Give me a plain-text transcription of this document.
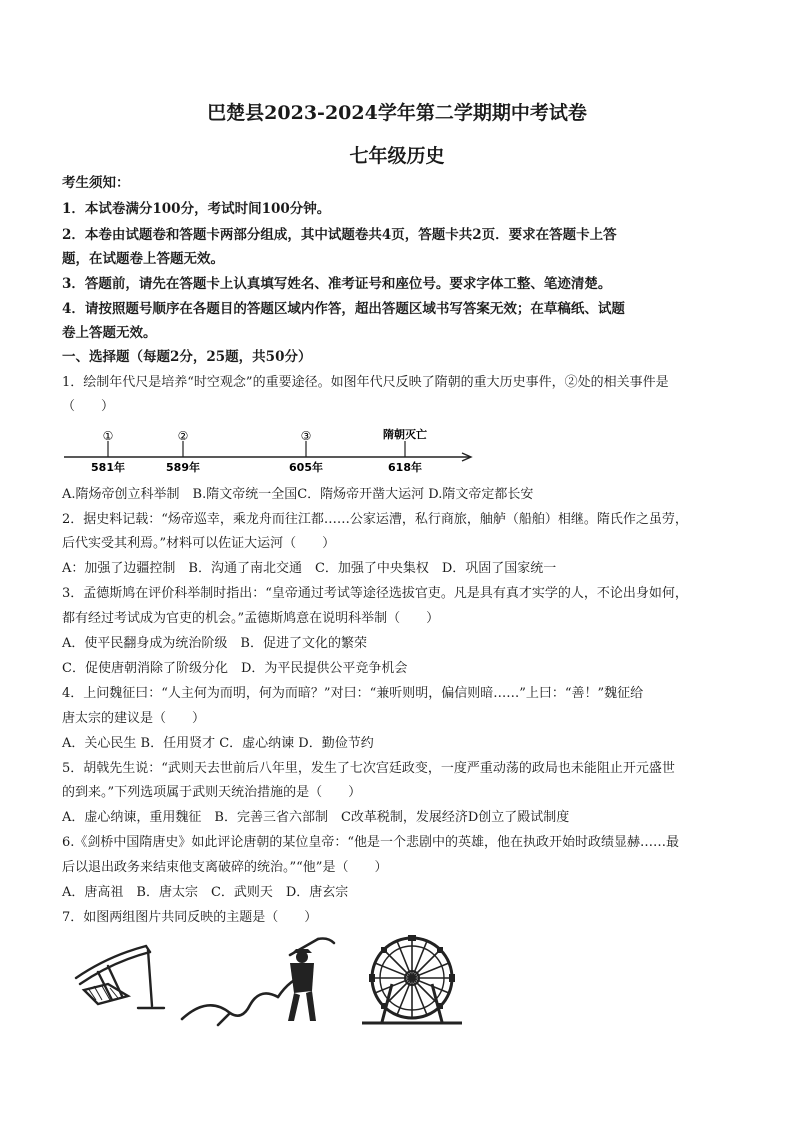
巴楚县2023-2024学年第二学期期中考试卷
七年级历史
考生须知：
1．本试卷满分100分，考试时间100分钟。
2．本卷由试题卷和答题卡两部分组成，其中试题卷共4页，答题卡共2页．要求在答题卡上答
题，在试题卷上答题无效。
3．答题前，请先在答题卡上认真填写姓名、准考证号和座位号。要求字体工整、笔迹清楚。
4．请按照题号顺序在各题目的答题区域内作答，超出答题区域书写答案无效；在草稿纸、试题
卷上答题无效。
一、选择题（每题2分，25题，共50分）
1．绘制年代尺是培养“时空观念”的重要途径。如图年代尺反映了隋朝的重大历史事件，②处的相关事件是
（　　）
①
581年
②
589年
③
605年
隋朝灭亡
618年
A.隋炀帝创立科举制　B.隋文帝统一全国C．隋炀帝开凿大运河 D.隋文帝定都长安
2．据史料记载：“炀帝巡幸，乘龙舟而往江都……公家运漕，私行商旅，舳舻（船舶）相继。隋氏作之虽劳，
后代实受其利焉。”材料可以佐证大运河（　　）
A：加强了边疆控制　B．沟通了南北交通　C．加强了中央集权　D．巩固了国家统一
3．孟德斯鸠在评价科举制时指出：“皇帝通过考试等途径选拔官吏。凡是具有真才实学的人，不论出身如何，
都有经过考试成为官吏的机会。”孟德斯鸠意在说明科举制（　　）
A．使平民翻身成为统治阶级　B．促进了文化的繁荣
C．促使唐朝消除了阶级分化　D．为平民提供公平竞争机会
4．上问魏征曰：“人主何为而明，何为而暗？”对曰：“兼听则明，偏信则暗……”上曰：“善！”魏征给
唐太宗的建议是（　　）
A．关心民生 B．任用贤才 C．虚心纳谏 D．勤俭节约
5．胡戟先生说：“武则天去世前后八年里，发生了七次宫廷政变，一度严重动荡的政局也未能阻止开元盛世
的到来。”下列选项属于武则天统治措施的是（　　）
A．虚心纳谏，重用魏征　B．完善三省六部制　C改革税制，发展经济D创立了殿试制度
6.《剑桥中国隋唐史》如此评论唐朝的某位皇帝：“他是一个悲剧中的英雄，他在执政开始时政绩显赫……最
后以退出政务来结束他支离破碎的统治。”“他”是（　　）
A．唐高祖　B．唐太宗　C．武则天　D．唐玄宗
7．如图两组图片共同反映的主题是（　　）
